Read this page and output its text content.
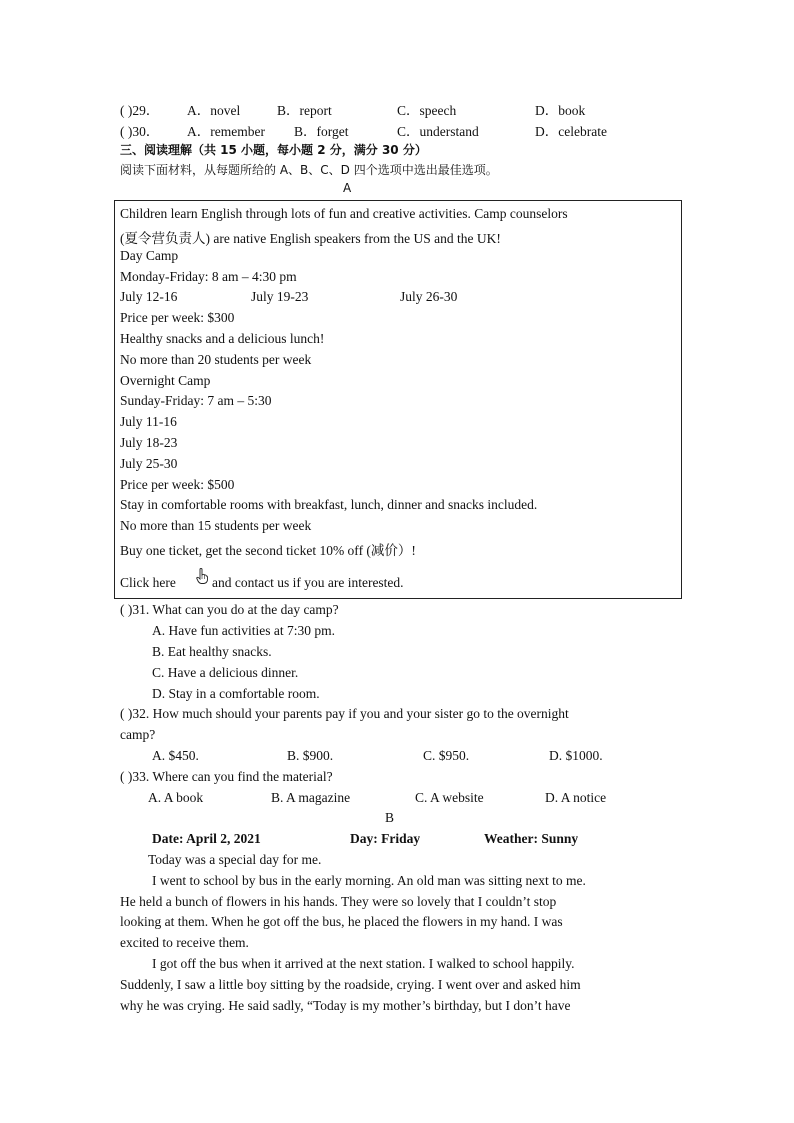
( )29． A．novel	B．report	C．speech	D．book
( )30． A．remember B．forget	C．understand	D．celebrate
三、阅读理解（共 15 小题，每小题 2 分，满分 30 分）
阅读下面材料，从每题所给的 A、B、C、D 四个选项中选出最佳选项。
A
Children learn English through lots of fun and creative activities. Camp counselors
(夏令营负责人) are native English speakers from the US and the UK!
Day Camp
Monday-Friday: 8 am – 4:30 pm
July 12-16	July 19-23	July 26-30
Price per week: $300
Healthy snacks and a delicious lunch!
No more than 20 students per week
Overnight Camp
Sunday-Friday: 7 am – 5:30
July 11-16
July 18-23
July 25-30
Price per week: $500
Stay in comfortable rooms with breakfast, lunch, dinner and snacks included.
No more than 15 students per week
Buy one ticket, get the second ticket 10% off (减价）!
Click here	and contact us if you are interested.
( )31. What can you do at the day camp?
A. Have fun activities at 7:30 pm.
B. Eat healthy snacks.
C. Have a delicious dinner.
D. Stay in a comfortable room.
( )32. How much should your parents pay if you and your sister go to the overnight
camp?
A. $450.	B. $900.	C. $950.	D. $1000.
( )33. Where can you find the material?
A. A book	B. A magazine	C. A website	D. A notice
B
Date: April 2, 2021	Day: Friday	Weather: Sunny
Today was a special day for me.
I went to school by bus in the early morning. An old man was sitting next to me.
He held a bunch of flowers in his hands. They were so lovely that I couldn’t stop
looking at them. When he got off the bus, he placed the flowers in my hand. I was
excited to receive them.
I got off the bus when it arrived at the next station. I walked to school happily.
Suddenly, I saw a little boy sitting by the roadside, crying. I went over and asked him
why he was crying. He said sadly, “Today is my mother’s birthday, but I don’t have
